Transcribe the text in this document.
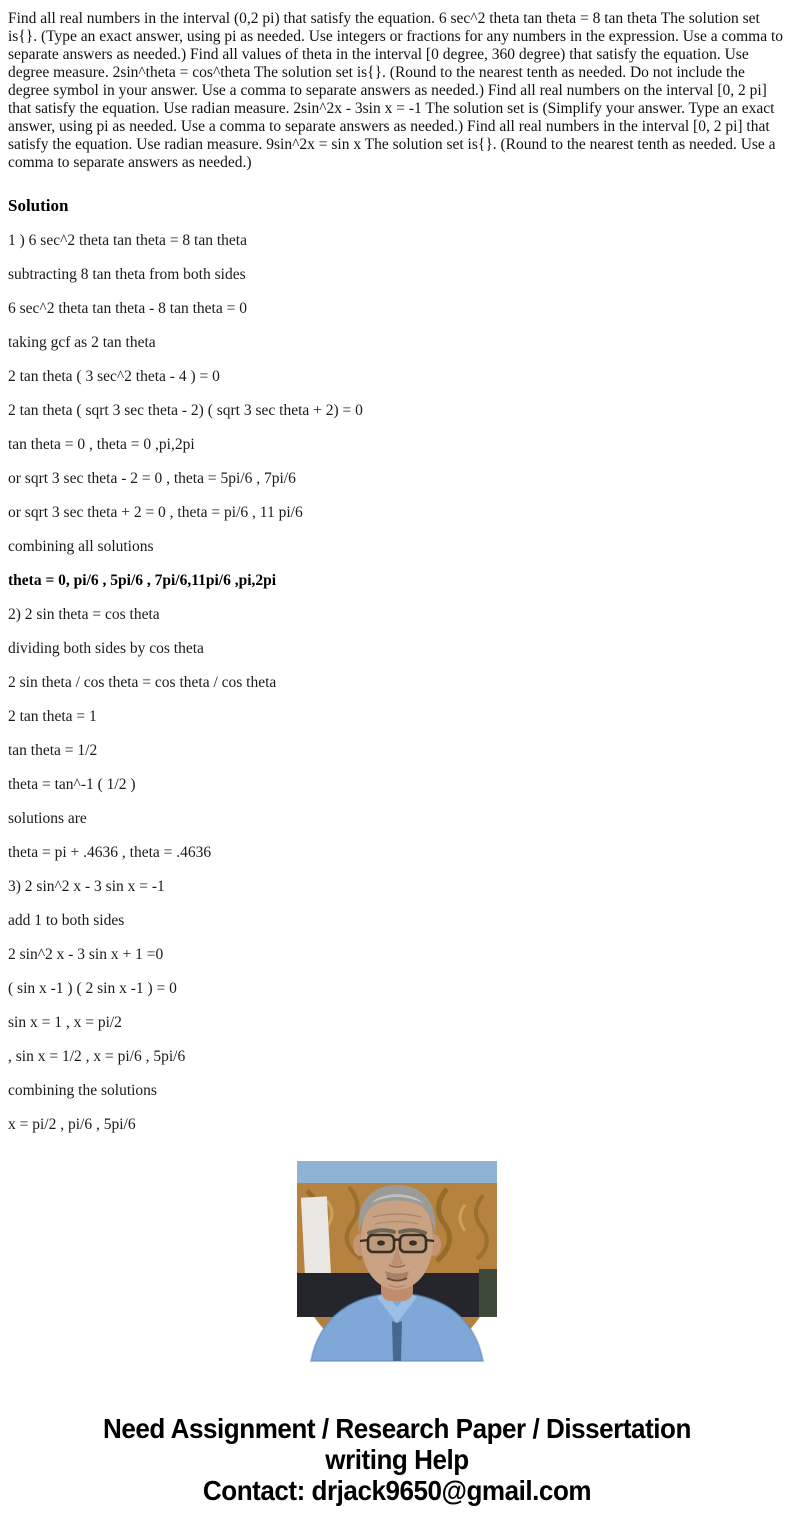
Find all real numbers in the interval (0,2 pi) that satisfy the equation. 6 sec^2 theta tan theta = 8 tan theta The solution set is{}. (Type an exact answer, using pi as needed. Use integers or fractions for any numbers in the expression. Use a comma to separate answers as needed.) Find all values of theta in the interval [0 degree, 360 degree) that satisfy the equation. Use degree measure. 2sin^theta = cos^theta The solution set is{}. (Round to the nearest tenth as needed. Do not include the degree symbol in your answer. Use a comma to separate answers as needed.) Find all real numbers on the interval [0, 2 pi] that satisfy the equation. Use radian measure. 2sin^2x - 3sin x = -1 The solution set is (Simplify your answer. Type an exact answer, using pi as needed. Use a comma to separate answers as needed.) Find all real numbers in the interval [0, 2 pi] that satisfy the equation. Use radian measure. 9sin^2x = sin x The solution set is{}. (Round to the nearest tenth as needed. Use a comma to separate answers as needed.)

Solution

1 ) 6 sec^2 theta tan theta = 8 tan theta

subtracting 8 tan theta from both sides

6 sec^2 theta tan theta - 8 tan theta = 0

taking gcf as 2 tan theta

2 tan theta ( 3 sec^2 theta - 4 ) = 0

2 tan theta ( sqrt 3 sec theta - 2) ( sqrt 3 sec theta + 2) = 0

tan theta = 0 , theta = 0 ,pi,2pi

or sqrt 3 sec theta - 2 = 0 , theta = 5pi/6 , 7pi/6

or sqrt 3 sec theta + 2 = 0 , theta = pi/6 , 11 pi/6

combining all solutions

theta = 0, pi/6 , 5pi/6 , 7pi/6,11pi/6 ,pi,2pi

2) 2 sin theta = cos theta

dividing both sides by cos theta

2 sin theta / cos theta = cos theta / cos theta

2 tan theta = 1

tan theta = 1/2

theta = tan^-1 ( 1/2 )

solutions are

theta = pi + .4636 , theta = .4636

3) 2 sin^2 x - 3 sin x = -1

add 1 to both sides

2 sin^2 x - 3 sin x + 1 =0

( sin x -1 ) ( 2 sin x -1 ) = 0

sin x = 1 , x = pi/2

, sin x = 1/2 , x = pi/6 , 5pi/6

combining the solutions

x = pi/2 , pi/6 , 5pi/6

Need Assignment / Research Paper / Dissertation writing Help
Contact: drjack9650@gmail.com
